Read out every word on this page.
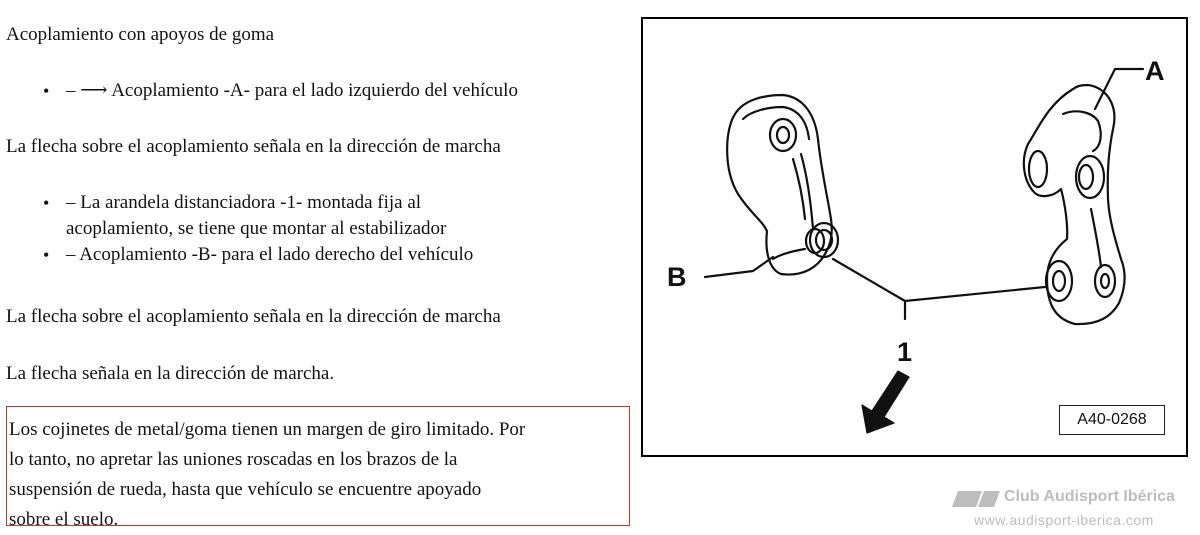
Acoplamiento con apoyos de goma
• – ⟶ Acoplamiento -A- para el lado izquierdo del vehículo
La flecha sobre el acoplamiento señala en la dirección de marcha
• – La arandela distanciadora -1- montada fija al
acoplamiento, se tiene que montar al estabilizador
• – Acoplamiento -B- para el lado derecho del vehículo
La flecha sobre el acoplamiento señala en la dirección de marcha
La flecha señala en la dirección de marcha.
Los cojinetes de metal/goma tienen un margen de giro limitado. Por
lo tanto, no apretar las uniones roscadas en los brazos de la
suspensión de rueda, hasta que vehículo se encuentre apoyado
sobre el suelo.
A
B
1
A40-0268
Club Audisport Ibérica
www.audisport-iberica.com
